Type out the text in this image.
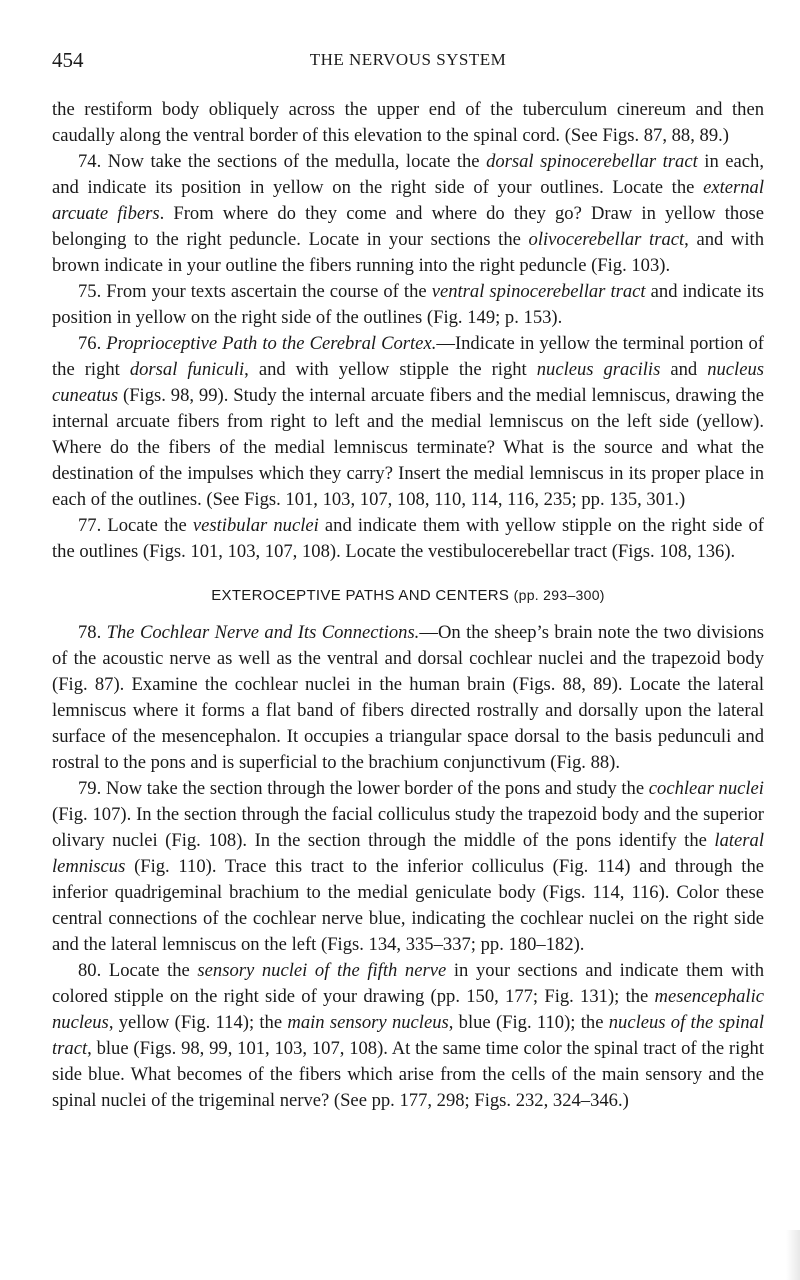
454	THE NERVOUS SYSTEM

the restiform body obliquely across the upper end of the tuberculum cinereum and then caudally along the ventral border of this elevation to the spinal cord. (See Figs. 87, 88, 89.)

74. Now take the sections of the medulla, locate the dorsal spinocerebellar tract in each, and indicate its position in yellow on the right side of your outlines. Locate the external arcuate fibers. From where do they come and where do they go? Draw in yellow those belonging to the right peduncle. Locate in your sections the olivocerebellar tract, and with brown indicate in your outline the fibers running into the right peduncle (Fig. 103).

75. From your texts ascertain the course of the ventral spinocerebellar tract and indicate its position in yellow on the right side of the outlines (Fig. 149; p. 153).

76. Proprioceptive Path to the Cerebral Cortex.—Indicate in yellow the terminal portion of the right dorsal funiculi, and with yellow stipple the right nucleus gracilis and nucleus cuneatus (Figs. 98, 99). Study the internal arcuate fibers and the medial lemniscus, drawing the internal arcuate fibers from right to left and the medial lemniscus on the left side (yellow). Where do the fibers of the medial lemniscus terminate? What is the source and what the destination of the impulses which they carry? Insert the medial lemniscus in its proper place in each of the outlines. (See Figs. 101, 103, 107, 108, 110, 114, 116, 235; pp. 135, 301.)

77. Locate the vestibular nuclei and indicate them with yellow stipple on the right side of the outlines (Figs. 101, 103, 107, 108). Locate the vestibulocerebellar tract (Figs. 108, 136).

EXTEROCEPTIVE PATHS AND CENTERS (pp. 293–300)

78. The Cochlear Nerve and Its Connections.—On the sheep’s brain note the two divisions of the acoustic nerve as well as the ventral and dorsal cochlear nuclei and the trapezoid body (Fig. 87). Examine the cochlear nuclei in the human brain (Figs. 88, 89). Locate the lateral lemniscus where it forms a flat band of fibers directed rostrally and dorsally upon the lateral surface of the mesencephalon. It occupies a triangular space dorsal to the basis pedunculi and rostral to the pons and is superficial to the brachium conjunctivum (Fig. 88).

79. Now take the section through the lower border of the pons and study the cochlear nuclei (Fig. 107). In the section through the facial colliculus study the trapezoid body and the superior olivary nuclei (Fig. 108). In the section through the middle of the pons identify the lateral lemniscus (Fig. 110). Trace this tract to the inferior colliculus (Fig. 114) and through the inferior quadrigeminal brachium to the medial geniculate body (Figs. 114, 116). Color these central connections of the cochlear nerve blue, indicating the cochlear nuclei on the right side and the lateral lemniscus on the left (Figs. 134, 335–337; pp. 180–182).

80. Locate the sensory nuclei of the fifth nerve in your sections and indicate them with colored stipple on the right side of your drawing (pp. 150, 177; Fig. 131); the mesencephalic nucleus, yellow (Fig. 114); the main sensory nucleus, blue (Fig. 110); the nucleus of the spinal tract, blue (Figs. 98, 99, 101, 103, 107, 108). At the same time color the spinal tract of the right side blue. What becomes of the fibers which arise from the cells of the main sensory and the spinal nuclei of the trigeminal nerve? (See pp. 177, 298; Figs. 232, 324–346.)
